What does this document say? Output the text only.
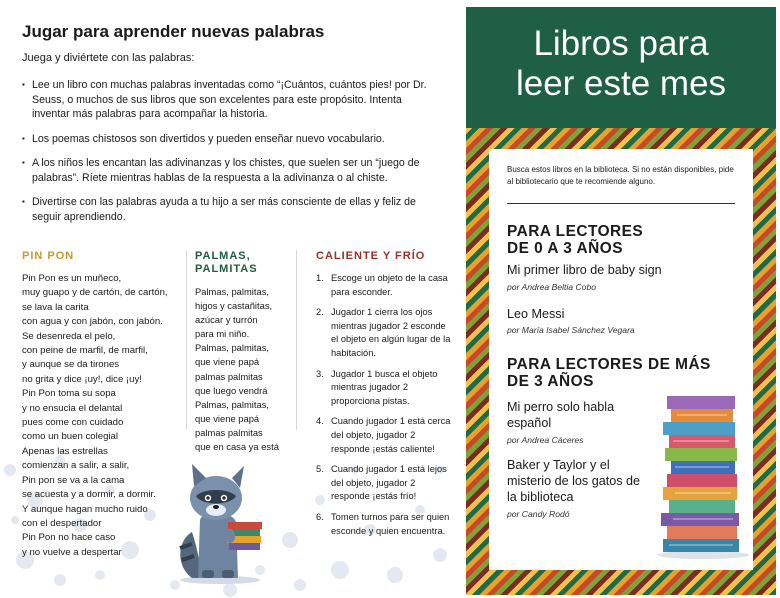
Jugar para aprender nuevas palabras

Juega y diviértete con las palabras:

▪ Lee un libro con muchas palabras inventadas como “¡Cuántos, cuántos pies! por Dr. Seuss, o muchos de sus libros que son excelentes para este propósito. Intenta inventar más palabras para acompañar la historia.
▪ Los poemas chistosos son divertidos y pueden enseñar nuevo vocabulario.
▪ A los niños les encantan las adivinanzas y los chistes, que suelen ser un “juego de palabras”. Ríete mientras hablas de la respuesta a la adivinanza o al chiste.
▪ Divertirse con las palabras ayuda a tu hijo a ser más consciente de ellas y feliz de seguir aprendiendo.
PIN PON
Pin Pon es un muñeco,
muy guapo y de cartón, de cartón,
se lava la carita
con agua y con jabón, con jabón.
Se desenreda el pelo,
con peine de marfil, de marfil,
y aunque se da tirones
no grita y dice ¡uy!, dice ¡uy!
Pin Pon toma su sopa
y no ensucia el delantal
pues come con cuidado
como un buen colegial
Apenas las estrellas
comienzan a salir, a salir,
Pin pon se va a la cama
se acuesta y a dormir, a dormir.
Y aunque hagan mucho ruido
con el despertador
Pin Pon no hace caso
y no vuelve a despertar
PALMAS,
PALMITAS
Palmas, palmitas,
higos y castañitas,
azúcar y turrón
para mi niño.
Palmas, palmitas,
que viene papá
palmas palmitas
que luego vendrá
Palmas, palmitas,
que viene papá
palmas palmitas
que en casa ya está
CALIENTE Y FRÍO
1. Escoge un objeto de la casa para esconder.
2. Jugador 1 cierra los ojos mientras jugador 2 esconde el objeto en algún lugar de la habitación.
3. Jugador 1 busca el objeto mientras jugador 2 proporciona pistas.
4. Cuando jugador 1 está cerca del objeto, jugador 2 responde ¡estás caliente!
5. Cuando jugador 1 está lejos del objeto, jugador 2 responde ¡estás frío!
6. Tomen turnos para ser quien esconde y quien encuentra.
Libros para
leer este mes

Busca estos libros en la biblioteca. Si no están disponibles, pide al bibliotecario que te recomiende alguno.

PARA LECTORES
DE 0 A 3 AÑOS
Mi primer libro de baby sign
por Andrea Beltia Cobo
Leo Messi
por María Isabel Sánchez Vegara
PARA LECTORES DE MÁS
DE 3 AÑOS
Mi perro solo habla
español
por Andrea Cáceres
Baker y Taylor y el
misterio de los gatos de
la biblioteca
por Candy Rodó
